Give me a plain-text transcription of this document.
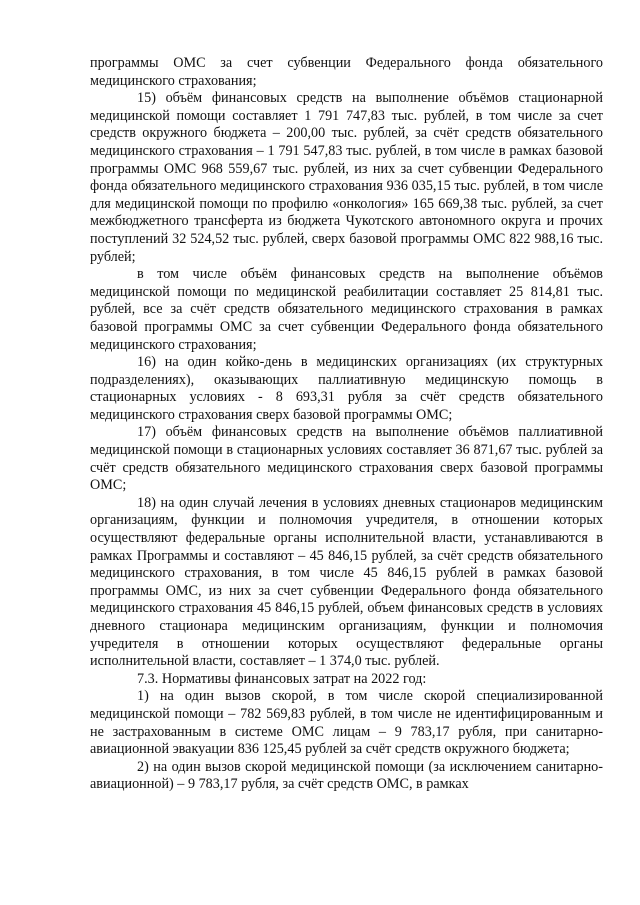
программы ОМС за счет субвенции Федерального фонда обязательного медицинского страхования;

15) объём финансовых средств на выполнение объёмов стационарной медицинской помощи составляет 1 791 747,83 тыс. рублей, в том числе за счет средств окружного бюджета – 200,00 тыс. рублей, за счёт средств обязательного медицинского страхования – 1 791 547,83 тыс. рублей, в том числе в рамках базовой программы ОМС 968 559,67 тыс. рублей, из них за счет субвенции Федерального фонда обязательного медицинского страхования 936 035,15 тыс. рублей, в том числе для медицинской помощи по профилю «онкология» 165 669,38 тыс. рублей, за счет межбюджетного трансферта из бюджета Чукотского автономного округа и прочих поступлений 32 524,52 тыс. рублей, сверх базовой программы ОМС 822 988,16 тыс. рублей;

в том числе объём финансовых средств на выполнение объёмов медицинской помощи по медицинской реабилитации составляет 25 814,81 тыс. рублей, все за счёт средств обязательного медицинского страхования в рамках базовой программы ОМС за счет субвенции Федерального фонда обязательного медицинского страхования;

16) на один койко-день в медицинских организациях (их структурных подразделениях), оказывающих паллиативную медицинскую помощь в стационарных условиях - 8 693,31 рубля за счёт средств обязательного медицинского страхования сверх базовой программы ОМС;

17) объём финансовых средств на выполнение объёмов паллиативной медицинской помощи в стационарных условиях составляет 36 871,67 тыс. рублей за счёт средств обязательного медицинского страхования сверх базовой программы ОМС;

18) на один случай лечения в условиях дневных стационаров медицинским организациям, функции и полномочия учредителя, в отношении которых осуществляют федеральные органы исполнительной власти, устанавливаются в рамках Программы и составляют – 45 846,15 рублей, за счёт средств обязательного медицинского страхования, в том числе 45 846,15 рублей в рамках базовой программы ОМС, из них за счет субвенции Федерального фонда обязательного медицинского страхования 45 846,15 рублей, объем финансовых средств в условиях дневного стационара медицинским организациям, функции и полномочия учредителя в отношении которых осуществляют федеральные органы исполнительной власти, составляет – 1 374,0 тыс. рублей.

7.3. Нормативы финансовых затрат на 2022 год:

1) на один вызов скорой, в том числе скорой специализированной медицинской помощи – 782 569,83 рублей, в том числе не идентифицированным и не застрахованным в системе ОМС лицам – 9 783,17 рубля, при санитарно-авиационной эвакуации 836 125,45 рублей за счёт средств окружного бюджета;

2) на один вызов скорой медицинской помощи (за исключением санитарно-авиационной) – 9 783,17 рубля, за счёт средств ОМС, в рамках
